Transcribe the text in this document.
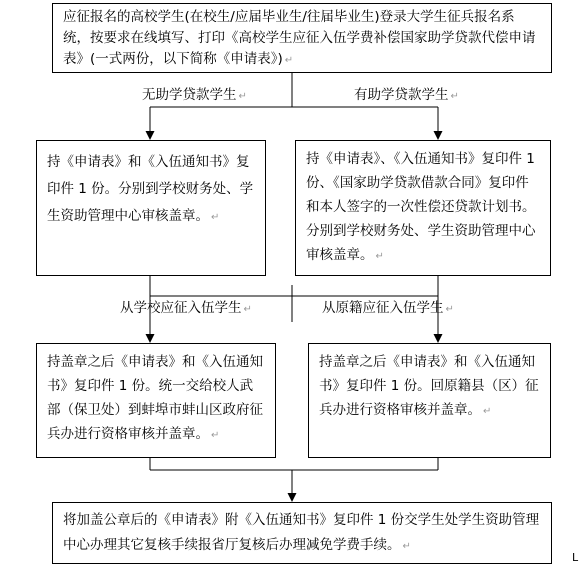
应征报名的高校学生(在校生/应届毕业生/往届毕业生)登录大学生征兵报名系统，按要求在线填写、打印《高校学生应征入伍学费补偿国家助学贷款代偿申请表》(一式两份，以下简称《申请表》) ↵
无助学贷款学生 ↵	有助学贷款学生 ↵
持《申请表》和《入伍通知书》复印件 1 份。分别到学校财务处、学生资助管理中心审核盖章。 ↵
持《申请表》、《入伍通知书》复印件 1 份、《国家助学贷款借款合同》复印件和本人签字的一次性偿还贷款计划书。分别到学校财务处、学生资助管理中心审核盖章。 ↵
从学校应征入伍学生 ↵	从原籍应征入伍学生 ↵
持盖章之后《申请表》和《入伍通知书》复印件 1 份。统一交给校人武部（保卫处）到蚌埠市蚌山区政府征兵办进行资格审核并盖章。 ↵
持盖章之后《申请表》和《入伍通知书》复印件 1 份。回原籍县（区）征兵办进行资格审核并盖章。 ↵
将加盖公章后的《申请表》附《入伍通知书》复印件 1 份交学生处学生资助管理中心办理其它复核手续报省厅复核后办理减免学费手续。 ↵
L
